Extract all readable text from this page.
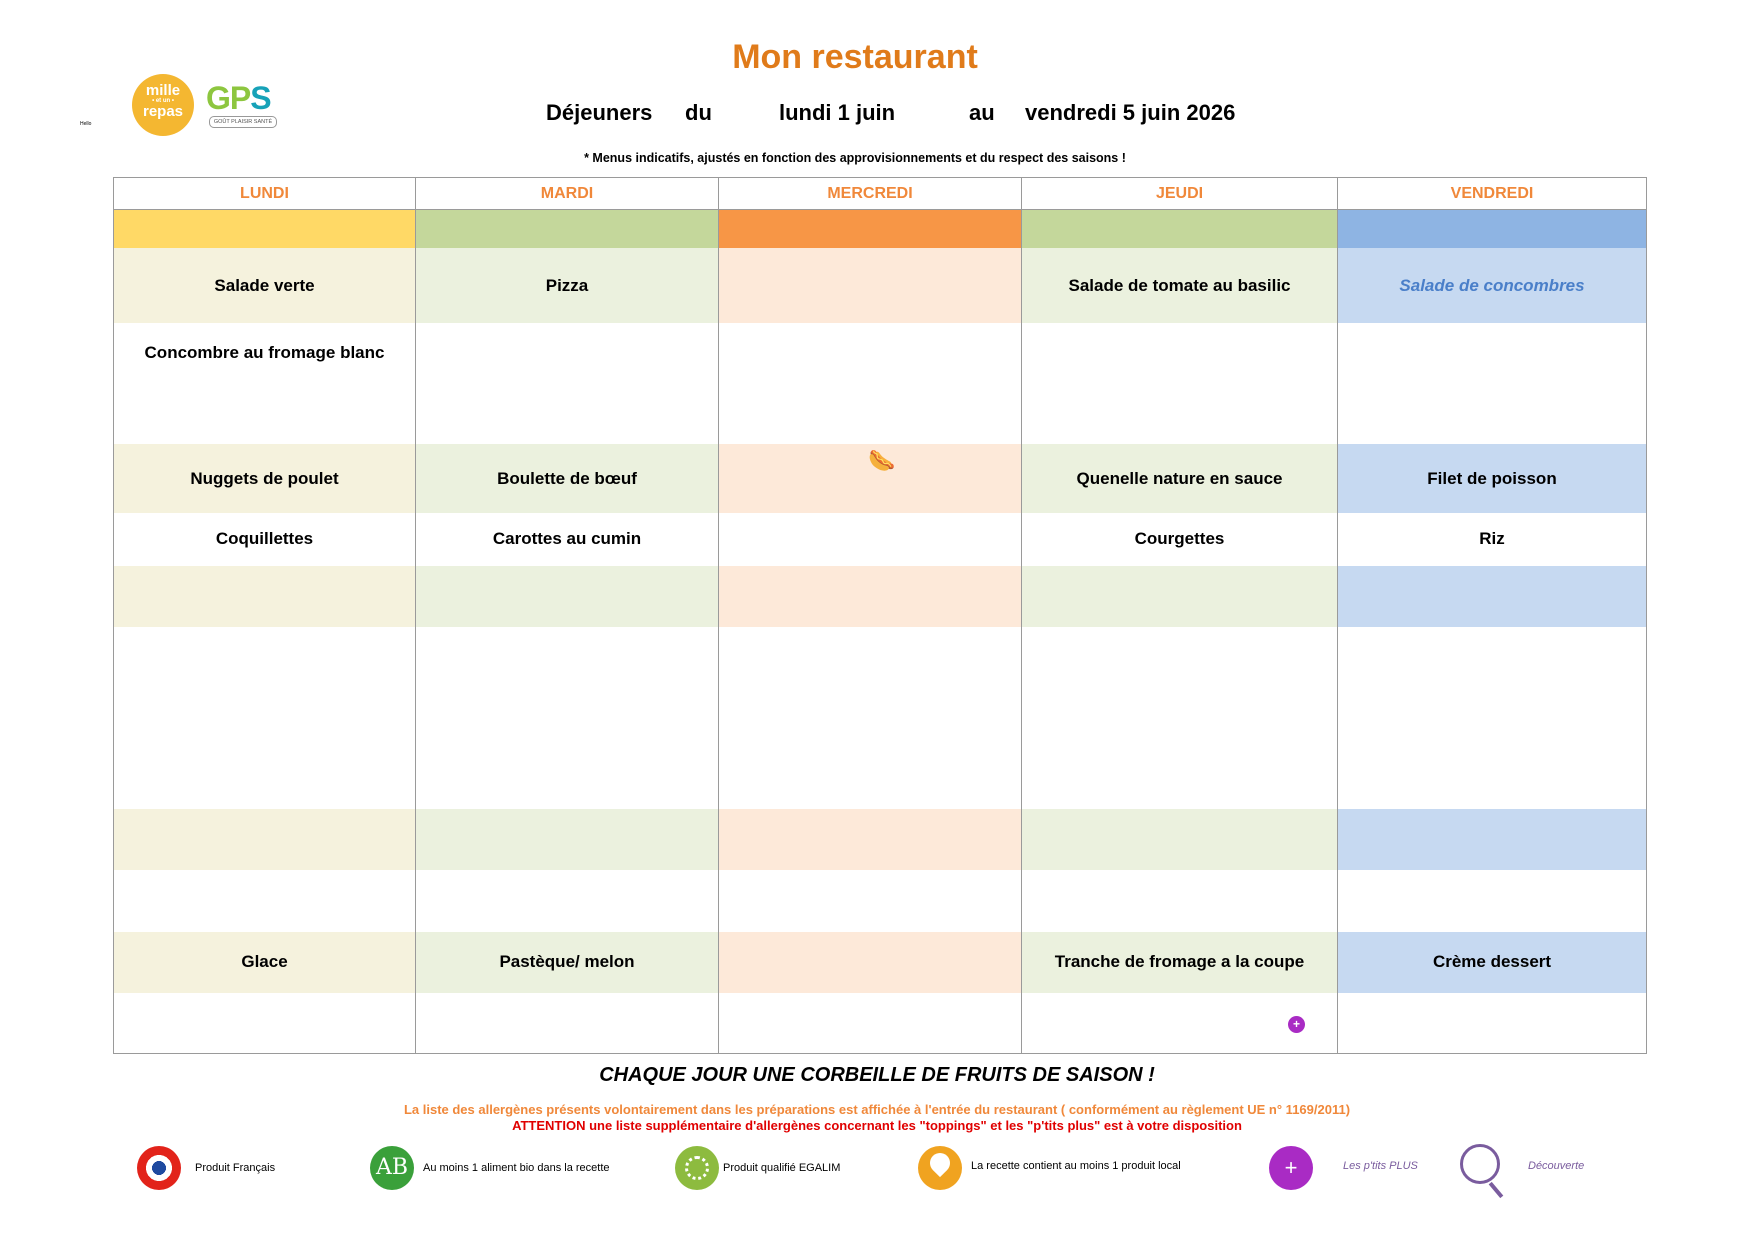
Mon restaurant
Déjeuners du	lundi 1 juin	au vendredi 5 juin 2026
* Menus indicatifs, ajustés en fonction des approvisionnements et du respect des saisons !
Hello
mille
• et un •
repas GPS
GOÛT PLAISIR SANTÉ
LUNDI	MARDI	MERCREDI	JEUDI	VENDREDI

Salade verte	Pizza		Salade de tomate au basilic	Salade de concombres
Concombre au fromage blanc				
Nuggets de poulet	Boulette de bœuf	🌭	Quenelle nature en sauce	Filet de poisson
Coquillettes	Carottes au cumin		Courgettes	Riz

Glace	Pastèque/ melon		Tranche de fromage a la coupe	Crème dessert
			+	
CHAQUE JOUR UNE CORBEILLE DE FRUITS DE SAISON !
La liste des allergènes présents volontairement dans les préparations est affichée à l'entrée du restaurant ( conformément au règlement UE n° 1169/2011)
ATTENTION une liste supplémentaire d'allergènes concernant les "toppings" et les "p'tits plus" est à votre disposition
Produit Français	AB	Au moins 1 aliment bio dans la recette	Produit qualifié EGALIM	La recette contient au moins 1 produit local	+	Les p'tits PLUS	Découverte
